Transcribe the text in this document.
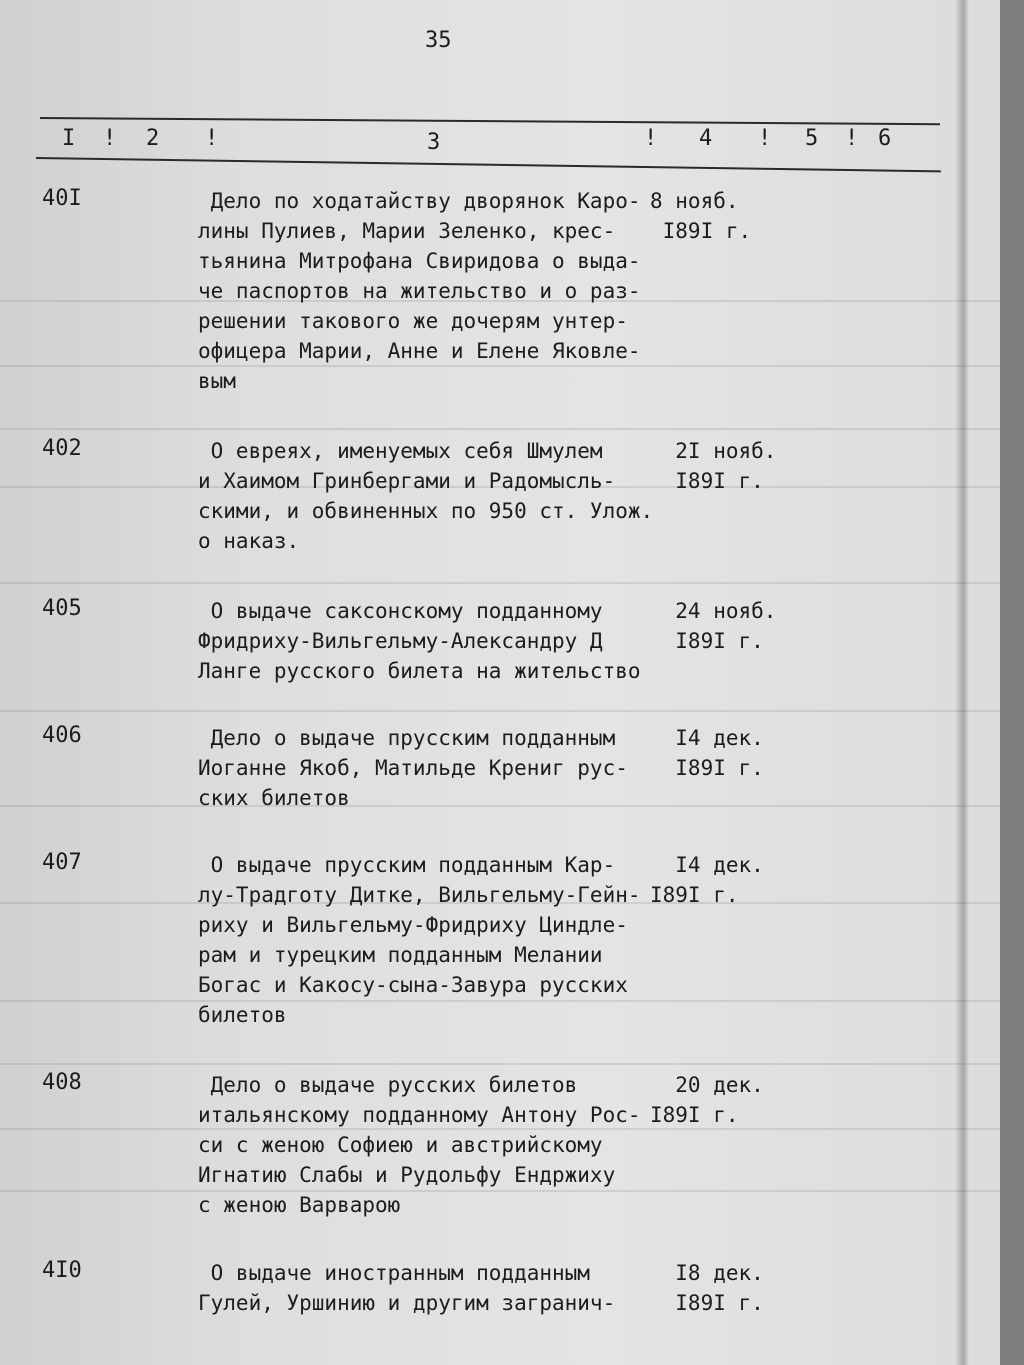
35
I ! 2 !	3	! 4 ! 5 ! 6
40I	Дело по ходатайству дворянок Каро-
лины Пулиев, Марии Зеленко, крес-
тьянина Митрофана Свиридова о выда-
че паспортов на жительство и о раз-
решении такового же дочерям унтер-
офицера Марии, Анне и Елене Яковле-
вым
8 нояб.
I89I г.
402	О евреях, именуемых себя Шмулем
и Хаимом Гринбергами и Радомысль-
скими, и обвиненных по 950 ст. Улож.
о наказ.
2I нояб.
I89I г.
405	О выдаче саксонскому подданному
Фридриху-Вильгельму-Александру Д
Ланге русского билета на жительство
24 нояб.
I89I г.
406	Дело о выдаче прусским подданным
Иоганне Якоб, Матильде Крениг рус-
ских билетов
I4 дек.
I89I г.
407	О выдаче прусским подданным Кар-
лу-Традготу Дитке, Вильгельму-Гейн-
риху и Вильгельму-Фридриху Циндле-
рам и турецким подданным Мелании
Богас и Какосу-сына-Завура русских
билетов
I4 дек.
I89I г.
408	Дело о выдаче русских билетов
итальянскому подданному Антону Рос-
си с женою Софиею и австрийскому
Игнатию Слабы и Рудольфу Ендржиху
с женою Варварою
20 дек.
I89I г.
4I0	О выдаче иностранным подданным
Гулей, Уршинию и другим загранич-
I8 дек.
I89I г.
